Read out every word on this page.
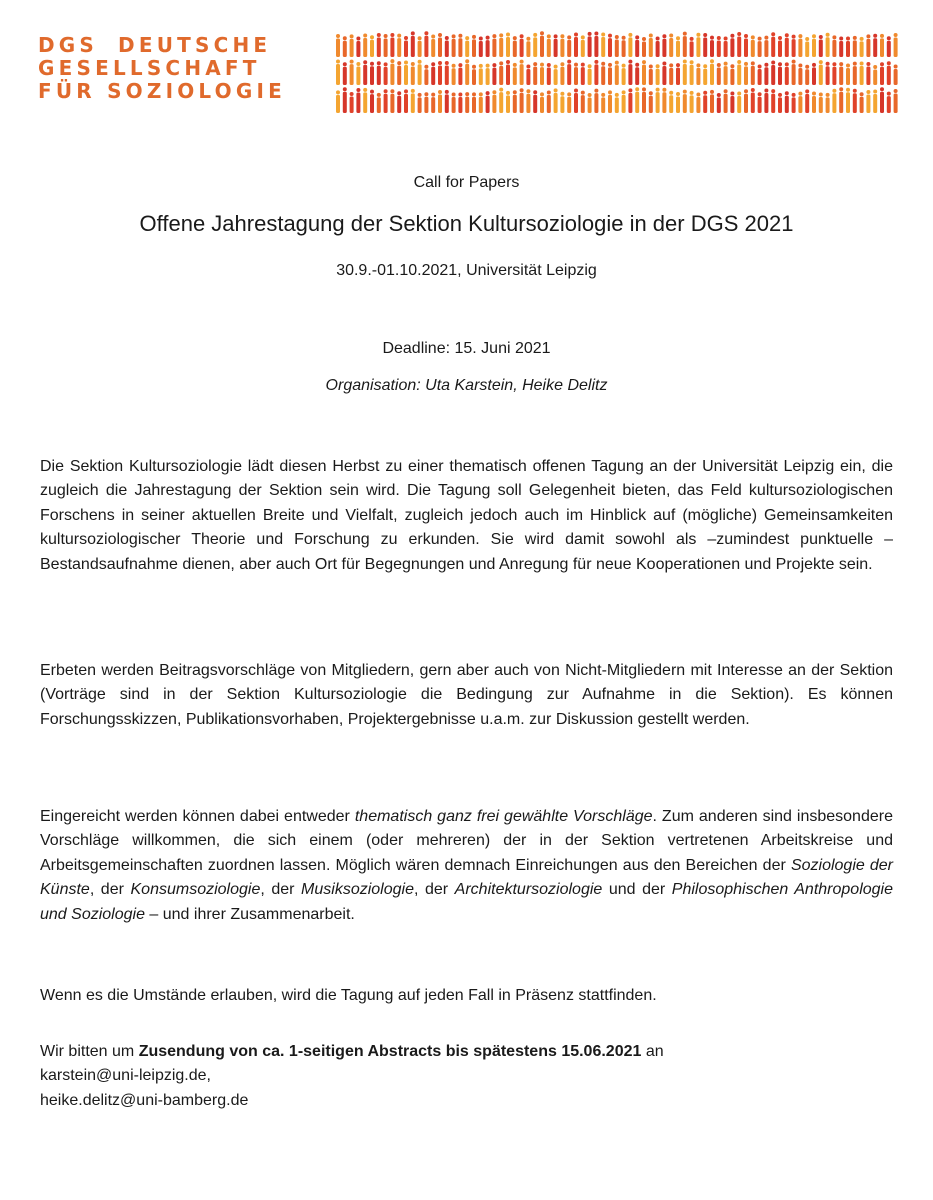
DGS DEUTSCHE
GESELLSCHAFT
FÜR SOZIOLOGIE
Call for Papers
Offene Jahrestagung der Sektion Kultursoziologie in der DGS 2021
30.9.-01.10.2021, Universität Leipzig
Deadline: 15. Juni 2021
Organisation: Uta Karstein, Heike Delitz
Die Sektion Kultursoziologie lädt diesen Herbst zu einer thematisch offenen Tagung an der Universität Leipzig ein, die zugleich die Jahrestagung der Sektion sein wird. Die Tagung soll Gelegenheit bieten, das Feld kultursoziologischen Forschens in seiner aktuellen Breite und Vielfalt, zugleich jedoch auch im Hinblick auf (mögliche) Gemeinsamkeiten kultursoziologischer Theorie und Forschung zu erkunden. Sie wird damit sowohl als –zumindest punktuelle – Bestandsaufnahme dienen, aber auch Ort für Begegnungen und Anregung für neue Kooperationen und Projekte sein.
Erbeten werden Beitragsvorschläge von Mitgliedern, gern aber auch von Nicht-Mitgliedern mit Interesse an der Sektion (Vorträge sind in der Sektion Kultursoziologie die Bedingung zur Aufnahme in die Sektion). Es können Forschungsskizzen, Publikationsvorhaben, Projektergebnisse u.a.m. zur Diskussion gestellt werden.
Eingereicht werden können dabei entweder thematisch ganz frei gewählte Vorschläge. Zum anderen sind insbesondere Vorschläge willkommen, die sich einem (oder mehreren) der in der Sektion vertretenen Arbeitskreise und Arbeitsgemeinschaften zuordnen lassen. Möglich wären demnach Einreichungen aus den Bereichen der Soziologie der Künste, der Konsumsoziologie, der Musiksoziologie, der Architektursoziologie und der Philosophischen Anthropologie und Soziologie – und ihrer Zusammenarbeit.
Wenn es die Umstände erlauben, wird die Tagung auf jeden Fall in Präsenz stattfinden.
Wir bitten um Zusendung von ca. 1-seitigen Abstracts bis spätestens 15.06.2021 an
karstein@uni-leipzig.de,
heike.delitz@uni-bamberg.de
